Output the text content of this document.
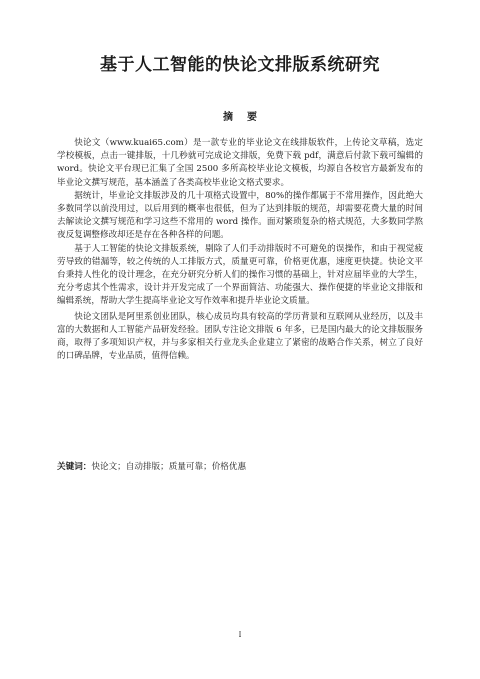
基于人工智能的快论文排版系统研究
摘要

快论文（www.kuai65.com）是一款专业的毕业论文在线排版软件，上传论文草稿，选定学校模板，点击一键排版，十几秒就可完成论文排版，免费下载 pdf，满意后付款下载可编辑的 word。快论文平台现已汇集了全国 2500 多所高校毕业论文模板，均源自各校官方最新发布的毕业论文撰写规范，基本涵盖了各类高校毕业论文格式要求。

据统计，毕业论文排版涉及的几十项格式设置中，80%的操作都属于不常用操作，因此绝大多数同学以前没用过，以后用到的概率也很低，但为了达到排版的规范，却需要花费大量的时间去解读论文撰写规范和学习这些不常用的 word 操作。面对繁琐复杂的格式规范，大多数同学熬夜反复调整修改却还是存在各种各样的问题。

基于人工智能的快论文排版系统，剔除了人们手动排版时不可避免的误操作，和由于视觉疲劳导致的错漏等，较之传统的人工排版方式，质量更可靠，价格更优惠，速度更快捷。快论文平台秉持人性化的设计理念，在充分研究分析人们的操作习惯的基础上，针对应届毕业的大学生，充分考虑其个性需求，设计并开发完成了一个界面简洁、功能强大、操作便捷的毕业论文排版和编辑系统，帮助大学生提高毕业论文写作效率和提升毕业论文质量。

快论文团队是阿里系创业团队，核心成员均具有较高的学历背景和互联网从业经历，以及丰富的大数据和人工智能产品研发经验。团队专注论文排版 6 年多，已是国内最大的论文排版服务商，取得了多项知识产权，并与多家相关行业龙头企业建立了紧密的战略合作关系，树立了良好的口碑品牌，专业品质，值得信赖。

关键词：快论文；自动排版；质量可靠；价格优惠

I
